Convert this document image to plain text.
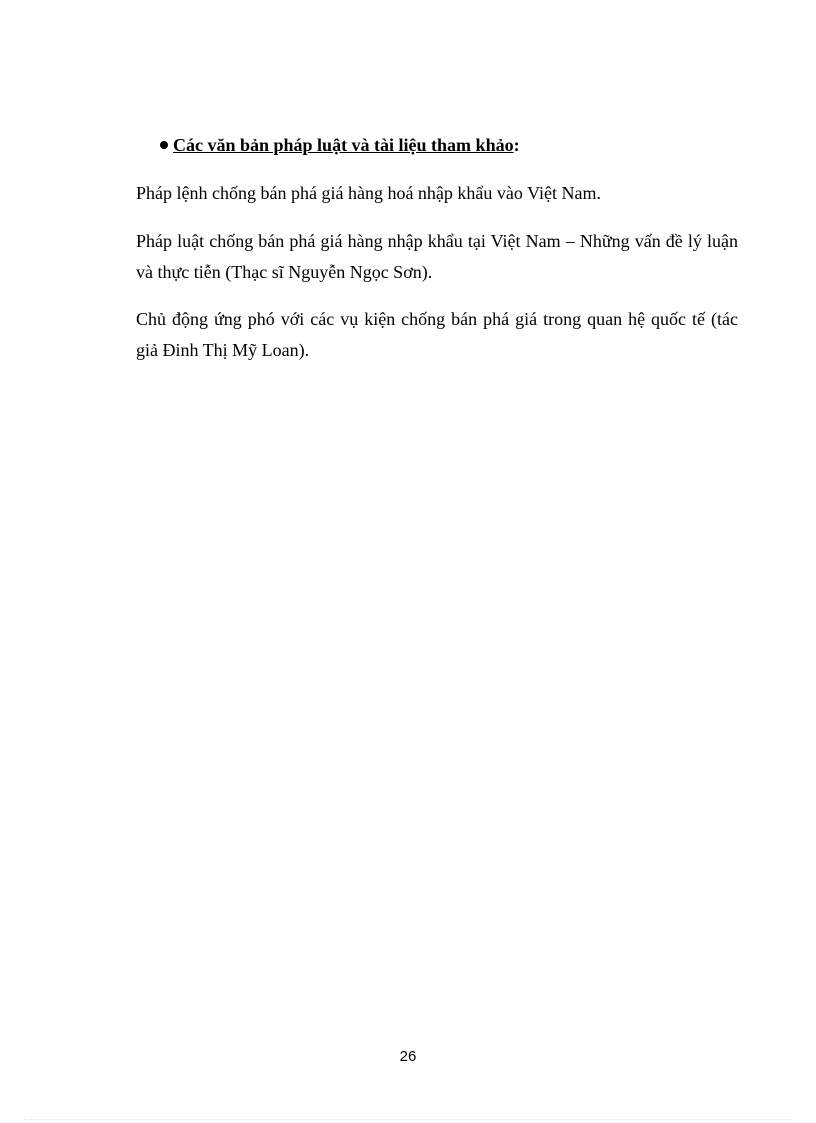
Các văn bản pháp luật và tài liệu tham khảo:

Pháp lệnh chống bán phá giá hàng hoá nhập khẩu vào Việt Nam.

Pháp luật chống bán phá giá hàng nhập khẩu tại Việt Nam – Những vấn đề lý luận và thực tiễn (Thạc sĩ Nguyễn Ngọc Sơn).

Chủ động ứng phó với các vụ kiện chống bán phá giá trong quan hệ quốc tế (tác giả Đinh Thị Mỹ Loan).

26
